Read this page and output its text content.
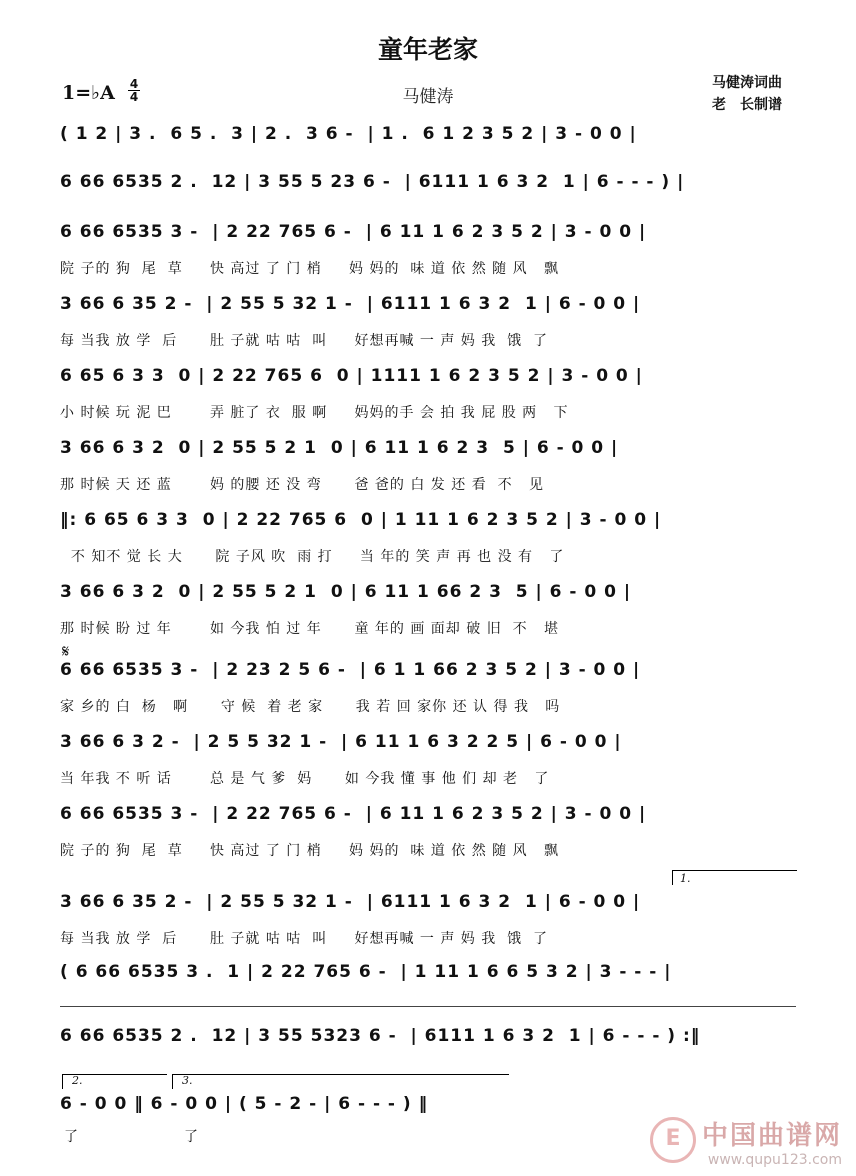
童年老家
1=♭A 4
4	马健涛
马健涛词曲
老　长制谱
( 1 2 | 3 .  6 5 .  3 | 2 .  3 6 -  | 1 .  6 1 2 3 5 2 | 3 - 0 0 |
6 66 6535 2 .  12 | 3 55 5 23 6 -  | 6111 1 6 3 2  1 | 6 - - - ) |
6 66 6535 3 -  | 2 22 765 6 -  | 6 11 1 6 2 3 5 2 | 3 - 0 0 |
院 子的 狗  尾  草     快 高过 了 门 梢     妈 妈的  味 道 依 然 随 风   飘
3 66 6 35 2 -  | 2 55 5 32 1 -  | 6111 1 6 3 2  1 | 6 - 0 0 |
每 当我 放 学  后      肚 子就 咕 咕  叫     好想再喊 一 声 妈 我  饿  了
6 65 6 3 3  0 | 2 22 765 6  0 | 1111 1 6 2 3 5 2 | 3 - 0 0 |
小 时候 玩 泥 巴       弄 脏了 衣  服 啊     妈妈的手 会 拍 我 屁 股 两   下
3 66 6 3 2  0 | 2 55 5 2 1  0 | 6 11 1 6 2 3  5 | 6 - 0 0 |
那 时候 天 还 蓝       妈 的腰 还 没 弯      爸 爸的 白 发 还 看  不   见
‖: 6 65 6 3 3  0 | 2 22 765 6  0 | 1 11 1 6 2 3 5 2 | 3 - 0 0 |
不 知不 觉 长 大      院 子风 吹  雨 打     当 年的 笑 声 再 也 没 有   了
3 66 6 3 2  0 | 2 55 5 2 1  0 | 6 11 1 66 2 3  5 | 6 - 0 0 |
那 时候 盼 过 年       如 今我 怕 过 年      童 年的 画 面却 破 旧  不   堪
𝄋
6 66 6535 3 -  | 2 23 2 5 6 -  | 6 1 1 66 2 3 5 2 | 3 - 0 0 |
家 乡的 白  杨   啊      守 候  着 老 家      我 若 回 家你 还 认 得 我   吗
3 66 6 3 2 -  | 2 5 5 32 1 -  | 6 11 1 6 3 2 2 5 | 6 - 0 0 |
当 年我 不 听 话       总 是 气 爹  妈      如 今我 懂 事 他 们 却 老   了
6 66 6535 3 -  | 2 22 765 6 -  | 6 11 1 6 2 3 5 2 | 3 - 0 0 |
院 子的 狗  尾  草     快 高过 了 门 梢     妈 妈的  味 道 依 然 随 风   飘
1.
3 66 6 35 2 -  | 2 55 5 32 1 -  | 6111 1 6 3 2  1 | 6 - 0 0 |
每 当我 放 学  后      肚 子就 咕 咕  叫     好想再喊 一 声 妈 我  饿  了
( 6 66 6535 3 .  1 | 2 22 765 6 -  | 1 11 1 6 6 5 3 2 | 3 - - - |
6 66 6535 2 .  12 | 3 55 5323 6 -  | 6111 1 6 3 2  1 | 6 - - - ) :‖
2.	3.
6 - 0 0 ‖ 6 - 0 0 | ( 5 - 2 - | 6 - - - ) ‖
了	了	E 中国曲谱网
www.qupu123.com
